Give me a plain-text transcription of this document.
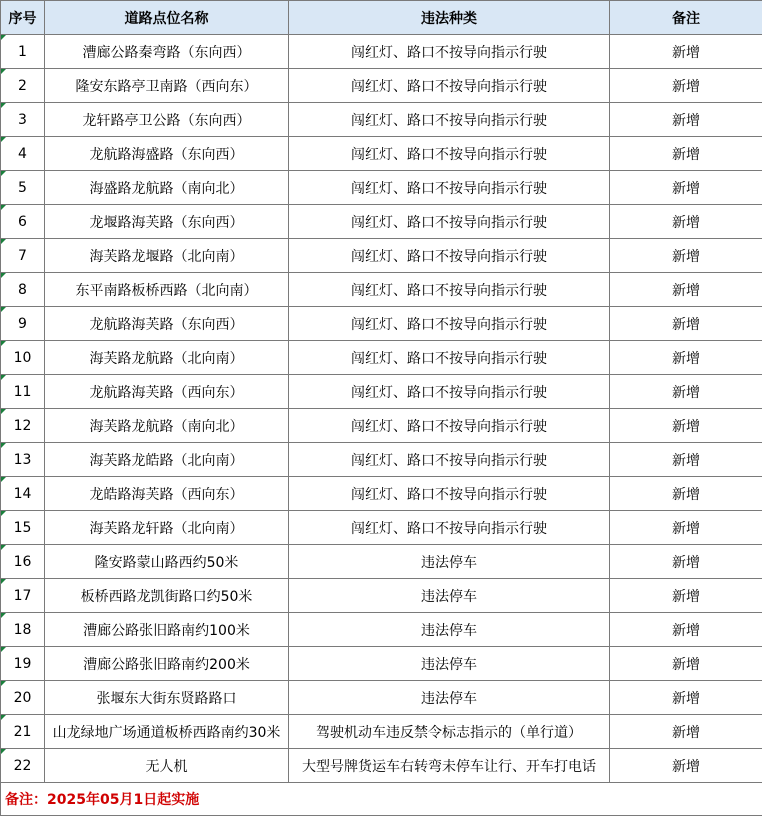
序号	道路点位名称	违法种类	备注
1	漕廊公路秦弯路（东向西）	闯红灯、路口不按导向指示行驶	新增
2	隆安东路亭卫南路（西向东）	闯红灯、路口不按导向指示行驶	新增
3	龙轩路亭卫公路（东向西）	闯红灯、路口不按导向指示行驶	新增
4	龙航路海盛路（东向西）	闯红灯、路口不按导向指示行驶	新增
5	海盛路龙航路（南向北）	闯红灯、路口不按导向指示行驶	新增
6	龙堰路海芙路（东向西）	闯红灯、路口不按导向指示行驶	新增
7	海芙路龙堰路（北向南）	闯红灯、路口不按导向指示行驶	新增
8	东平南路板桥西路（北向南）	闯红灯、路口不按导向指示行驶	新增
9	龙航路海芙路（东向西）	闯红灯、路口不按导向指示行驶	新增
10	海芙路龙航路（北向南）	闯红灯、路口不按导向指示行驶	新增
11	龙航路海芙路（西向东）	闯红灯、路口不按导向指示行驶	新增
12	海芙路龙航路（南向北）	闯红灯、路口不按导向指示行驶	新增
13	海芙路龙皓路（北向南）	闯红灯、路口不按导向指示行驶	新增
14	龙皓路海芙路（西向东）	闯红灯、路口不按导向指示行驶	新增
15	海芙路龙轩路（北向南）	闯红灯、路口不按导向指示行驶	新增
16	隆安路蒙山路西约50米	违法停车	新增
17	板桥西路龙凯街路口约50米	违法停车	新增
18	漕廊公路张旧路南约100米	违法停车	新增
19	漕廊公路张旧路南约200米	违法停车	新增
20	张堰东大街东贤路路口	违法停车	新增
21	山龙绿地广场通道板桥西路南约30米	驾驶机动车违反禁令标志指示的（单行道）	新增
22	无人机	大型号牌货运车右转弯未停车让行、开车打电话	新增
备注：2025年05月1日起实施			
